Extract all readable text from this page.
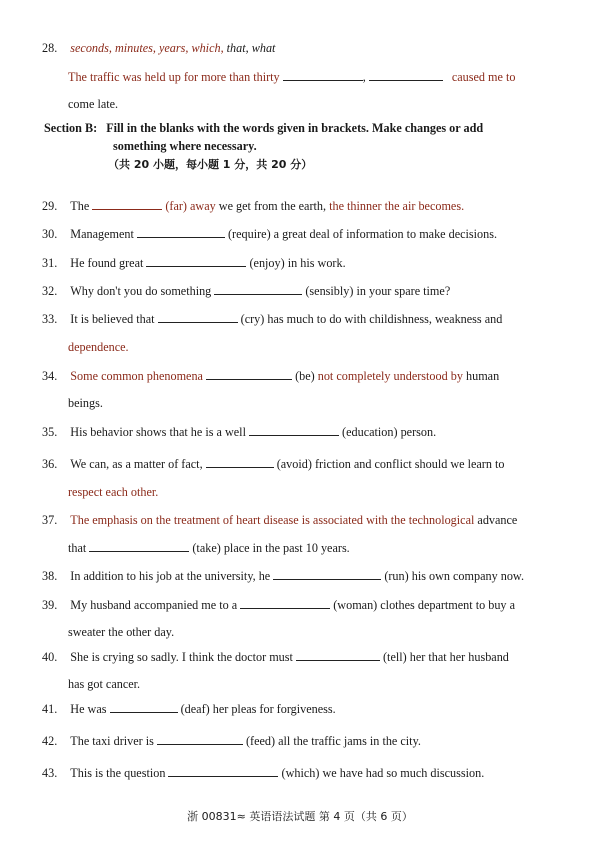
28. seconds, minutes, years, which, that, what
The traffic was held up for more than thirty	,	caused me to
come late.
Section B: Fill in the blanks with the words given in brackets. Make changes or add
something where necessary.
（共 20 小题，每小题 1 分，共 20 分）
29. The	(far) away we get from the earth, the thinner the air becomes.
30. Management	(require) a great deal of information to make decisions.
31. He found great	(enjoy) in his work.
32. Why don't you do something	(sensibly) in your spare time?
33. It is believed that	(cry) has much to do with childishness, weakness and
dependence.
34. Some common phenomena	(be) not completely understood by human
beings.
35. His behavior shows that he is a well	(education) person.
36. We can, as a matter of fact,	(avoid) friction and conflict should we learn to
respect each other.
37. The emphasis on the treatment of heart disease is associated with the technological advance
that	(take) place in the past 10 years.
38. In addition to his job at the university, he	(run) his own company now.
39. My husband accompanied me to a	(woman) clothes department to buy a
sweater the other day.
40. She is crying so sadly. I think the doctor must	(tell) her that her husband
has got cancer.
41. He was	(deaf) her pleas for forgiveness.
42. The taxi driver is	(feed) all the traffic jams in the city.
43. This is the question	(which) we have had so much discussion.
浙 00831≈ 英语语法试题 第 4 页（共 6 页）
